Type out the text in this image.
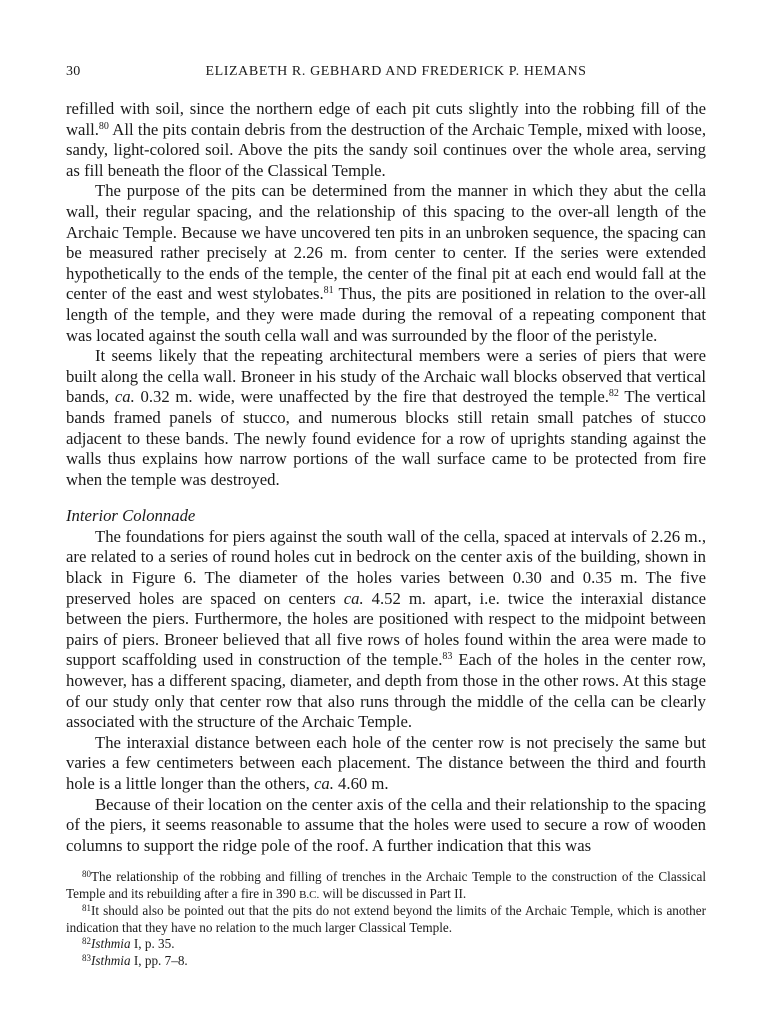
30	ELIZABETH R. GEBHARD AND FREDERICK P. HEMANS

refilled with soil, since the northern edge of each pit cuts slightly into the robbing fill of the wall.$^{80}$ All the pits contain debris from the destruction of the Archaic Temple, mixed with loose, sandy, light-colored soil. Above the pits the sandy soil continues over the whole area, serving as fill beneath the floor of the Classical Temple.

The purpose of the pits can be determined from the manner in which they abut the cella wall, their regular spacing, and the relationship of this spacing to the over-all length of the Archaic Temple. Because we have uncovered ten pits in an unbroken sequence, the spacing can be measured rather precisely at 2.26 m. from center to center. If the series were extended hypothetically to the ends of the temple, the center of the final pit at each end would fall at the center of the east and west stylobates.$^{81}$ Thus, the pits are positioned in relation to the over-all length of the temple, and they were made during the removal of a repeating component that was located against the south cella wall and was surrounded by the floor of the peristyle.

It seems likely that the repeating architectural members were a series of piers that were built along the cella wall. Broneer in his study of the Archaic wall blocks observed that vertical bands, ca. 0.32 m. wide, were unaffected by the fire that destroyed the temple.$^{82}$ The vertical bands framed panels of stucco, and numerous blocks still retain small patches of stucco adjacent to these bands. The newly found evidence for a row of uprights standing against the walls thus explains how narrow portions of the wall surface came to be protected from fire when the temple was destroyed.

Interior Colonnade

The foundations for piers against the south wall of the cella, spaced at intervals of 2.26 m., are related to a series of round holes cut in bedrock on the center axis of the building, shown in black in Figure 6. The diameter of the holes varies between 0.30 and 0.35 m. The five preserved holes are spaced on centers ca. 4.52 m. apart, i.e. twice the interaxial distance between the piers. Furthermore, the holes are positioned with respect to the midpoint between pairs of piers. Broneer believed that all five rows of holes found within the area were made to support scaffolding used in construction of the temple.$^{83}$ Each of the holes in the center row, however, has a different spacing, diameter, and depth from those in the other rows. At this stage of our study only that center row that also runs through the middle of the cella can be clearly associated with the structure of the Archaic Temple.

The interaxial distance between each hole of the center row is not precisely the same but varies a few centimeters between each placement. The distance between the third and fourth hole is a little longer than the others, ca. 4.60 m.

Because of their location on the center axis of the cella and their relationship to the spacing of the piers, it seems reasonable to assume that the holes were used to secure a row of wooden columns to support the ridge pole of the roof. A further indication that this was

$^{80}$The relationship of the robbing and filling of trenches in the Archaic Temple to the construction of the Classical Temple and its rebuilding after a fire in 390 B.C. will be discussed in Part II.

$^{81}$It should also be pointed out that the pits do not extend beyond the limits of the Archaic Temple, which is another indication that they have no relation to the much larger Classical Temple.

$^{82}$Isthmia I, p. 35.

$^{83}$Isthmia I, pp. 7–8.
